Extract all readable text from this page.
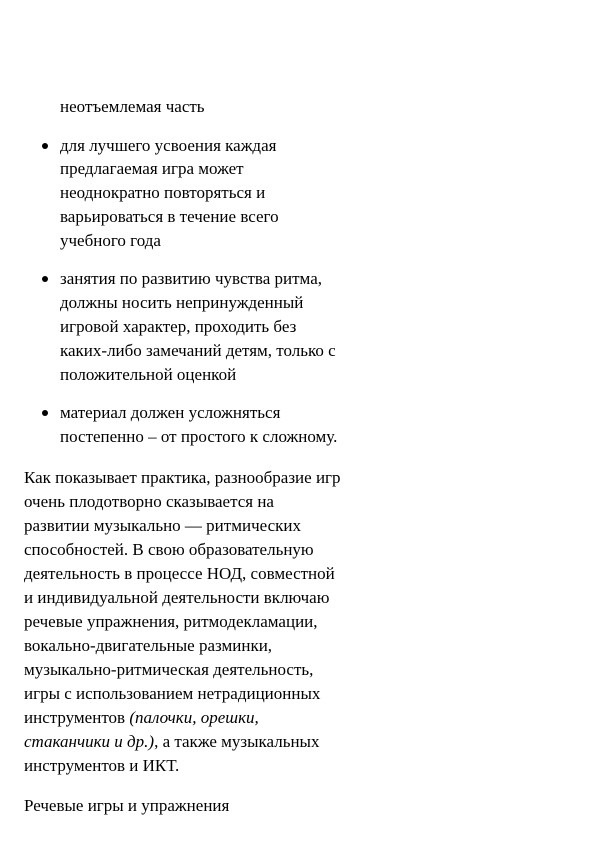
неотъемлемая часть
для лучшего усвоения каждая
предлагаемая игра может
неоднократно повторяться и
варьироваться в течение всего
учебного года
занятия по развитию чувства ритма,
должны носить непринужденный
игровой характер, проходить без
каких-либо замечаний детям, только с
положительной оценкой
материал должен усложняться
постепенно – от простого к сложному.
Как показывает практика, разнообразие игр
очень плодотворно сказывается на
развитии музыкально — ритмических
способностей. В свою образовательную
деятельность в процессе НОД, совместной
и индивидуальной деятельности включаю
речевые упражнения, ритмодекламации,
вокально-двигательные разминки,
музыкально-ритмическая деятельность,
игры с использованием нетрадиционных
инструментов (палочки, орешки,
стаканчики и др.), а также музыкальных
инструментов и ИКТ.
Речевые игры и упражнения
